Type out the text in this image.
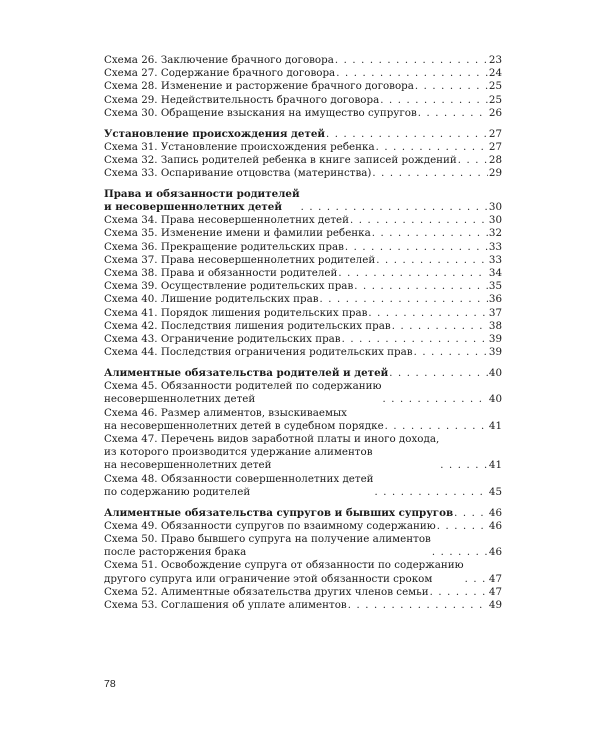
Схема 26. Заключение брачного договора . . .	23
Схема 27. Содержание брачного договора . . .	24
Схема 28. Изменение и расторжение брачного договора . . .	25
Схема 29. Недействительность брачного договора . . .	25
Схема 30. Обращение взыскания на имущество супругов . . .	26
Установление происхождения детей . . .	27
Схема 31. Установление происхождения ребенка . . .	27
Схема 32. Запись родителей ребенка в книге записей рождений . . .	28
Схема 33. Оспаривание отцовства (материнства) . . .	29
Права и обязанности родителей
и несовершеннолетних детей . . .	30
Схема 34. Права несовершеннолетних детей . . .	30
Схема 35. Изменение имени и фамилии ребенка . . .	32
Схема 36. Прекращение родительских прав . . .	33
Схема 37. Права несовершеннолетних родителей . . .	33
Схема 38. Права и обязанности родителей . . .	34
Схема 39. Осуществление родительских прав . . .	35
Схема 40. Лишение родительских прав . . .	36
Схема 41. Порядок лишения родительских прав . . .	37
Схема 42. Последствия лишения родительских прав . . .	38
Схема 43. Ограничение родительских прав . . .	39
Схема 44. Последствия ограничения родительских прав . . .	39
Алиментные обязательства родителей и детей . . .	40
Схема 45. Обязанности родителей по содержанию
несовершеннолетних детей . . .	40
Схема 46. Размер алиментов, взыскиваемых
на несовершеннолетних детей в судебном порядке . . .	41
Схема 47. Перечень видов заработной платы и иного дохода,
из которого производится удержание алиментов
на несовершеннолетних детей . . .	41
Схема 48. Обязанности совершеннолетних детей
по содержанию родителей . . .	45
Алиментные обязательства супругов и бывших супругов . . .	46
Схема 49. Обязанности супругов по взаимному содержанию . . .	46
Схема 50. Право бывшего супруга на получение алиментов
после расторжения брака . . .	46
Схема 51. Освобождение супруга от обязанности по содержанию
другого супруга или ограничение этой обязанности сроком . . .	47
Схема 52. Алиментные обязательства других членов семьи . . .	47
Схема 53. Соглашения об уплате алиментов . . .	49
78
